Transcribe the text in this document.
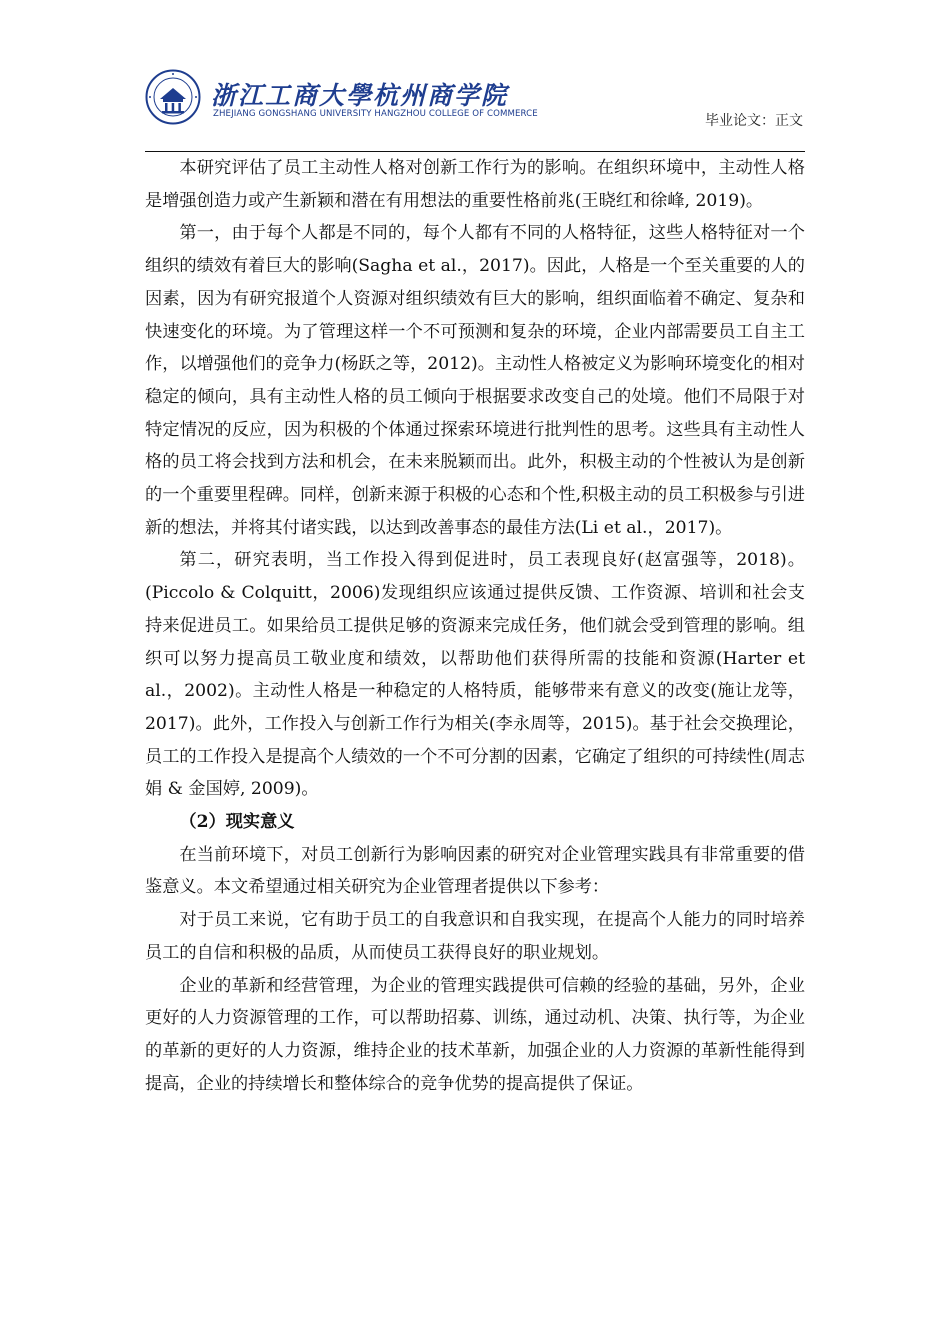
浙江工商大學杭州商学院
ZHEJIANG GONGSHANG UNIVERSITY HANGZHOU COLLEGE OF COMMERCE	毕业论文：正文

本研究评估了员工主动性人格对创新工作行为的影响。在组织环境中，主动性人格是增强创造力或产生新颖和潜在有用想法的重要性格前兆(王晓红和徐峰, 2019)。

第一，由于每个人都是不同的，每个人都有不同的人格特征，这些人格特征对一个组织的绩效有着巨大的影响(Sagha et al.，2017)。因此，人格是一个至关重要的人的因素，因为有研究报道个人资源对组织绩效有巨大的影响，组织面临着不确定、复杂和快速变化的环境。为了管理这样一个不可预测和复杂的环境，企业内部需要员工自主工作，以增强他们的竞争力(杨跃之等，2012)。主动性人格被定义为影响环境变化的相对稳定的倾向，具有主动性人格的员工倾向于根据要求改变自己的处境。他们不局限于对特定情况的反应，因为积极的个体通过探索环境进行批判性的思考。这些具有主动性人格的员工将会找到方法和机会，在未来脱颖而出。此外，积极主动的个性被认为是创新的一个重要里程碑。同样，创新来源于积极的心态和个性,积极主动的员工积极参与引进新的想法，并将其付诸实践，以达到改善事态的最佳方法(Li et al.，2017)。

第二，研究表明，当工作投入得到促进时，员工表现良好(赵富强等，2018)。(Piccolo & Colquitt，2006)发现组织应该通过提供反馈、工作资源、培训和社会支持来促进员工。如果给员工提供足够的资源来完成任务，他们就会受到管理的影响。组织可以努力提高员工敬业度和绩效，以帮助他们获得所需的技能和资源(Harter et al.，2002)。主动性人格是一种稳定的人格特质，能够带来有意义的改变(施让龙等，2017)。此外，工作投入与创新工作行为相关(李永周等，2015)。基于社会交换理论，员工的工作投入是提高个人绩效的一个不可分割的因素，它确定了组织的可持续性(周志娟 & 金国婷, 2009)。

（2）现实意义

在当前环境下，对员工创新行为影响因素的研究对企业管理实践具有非常重要的借鉴意义。本文希望通过相关研究为企业管理者提供以下参考：

对于员工来说，它有助于员工的自我意识和自我实现，在提高个人能力的同时培养员工的自信和积极的品质，从而使员工获得良好的职业规划。

企业的革新和经营管理，为企业的管理实践提供可信赖的经验的基础，另外，企业更好的人力资源管理的工作，可以帮助招募、训练，通过动机、决策、执行等，为企业的革新的更好的人力资源，维持企业的技术革新，加强企业的人力资源的革新性能得到提高，企业的持续增长和整体综合的竞争优势的提高提供了保证。
